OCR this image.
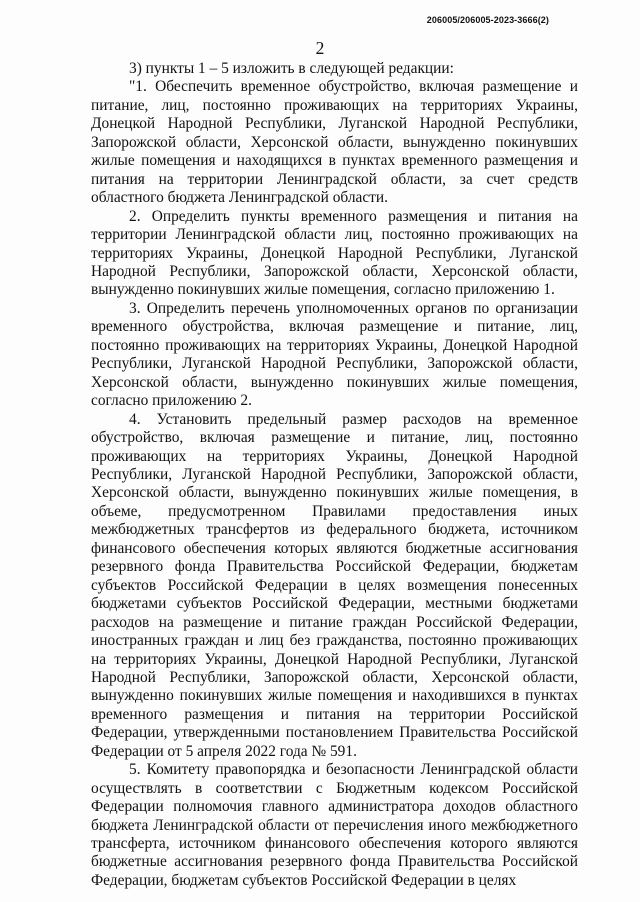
206005/206005-2023-3666(2)
2

3) пункты 1 – 5 изложить в следующей редакции:

"1. Обеспечить временное обустройство, включая размещение и питание, лиц, постоянно проживающих на территориях Украины, Донецкой Народной Республики, Луганской Народной Республики, Запорожской области, Херсонской области, вынужденно покинувших жилые помещения и находящихся в пунктах временного размещения и питания на территории Ленинградской области, за счет средств областного бюджета Ленинградской области.

2. Определить пункты временного размещения и питания на территории Ленинградской области лиц, постоянно проживающих на территориях Украины, Донецкой Народной Республики, Луганской Народной Республики, Запорожской области, Херсонской области, вынужденно покинувших жилые помещения, согласно приложению 1.

3. Определить перечень уполномоченных органов по организации временного обустройства, включая размещение и питание, лиц, постоянно проживающих на территориях Украины, Донецкой Народной Республики, Луганской Народной Республики, Запорожской области, Херсонской области, вынужденно покинувших жилые помещения, согласно приложению 2.

4. Установить предельный размер расходов на временное обустройство, включая размещение и питание, лиц, постоянно проживающих на территориях Украины, Донецкой Народной Республики, Луганской Народной Республики, Запорожской области, Херсонской области, вынужденно покинувших жилые помещения, в объеме, предусмотренном Правилами предоставления иных межбюджетных трансфертов из федерального бюджета, источником финансового обеспечения которых являются бюджетные ассигнования резервного фонда Правительства Российской Федерации, бюджетам субъектов Российской Федерации в целях возмещения понесенных бюджетами субъектов Российской Федерации, местными бюджетами расходов на размещение и питание граждан Российской Федерации, иностранных граждан и лиц без гражданства, постоянно проживающих на территориях Украины, Донецкой Народной Республики, Луганской Народной Республики, Запорожской области, Херсонской области, вынужденно покинувших жилые помещения и находившихся в пунктах временного размещения и питания на территории Российской Федерации, утвержденными постановлением Правительства Российской Федерации от 5 апреля 2022 года № 591.

5. Комитету правопорядка и безопасности Ленинградской области осуществлять в соответствии с Бюджетным кодексом Российской Федерации полномочия главного администратора доходов областного бюджета Ленинградской области от перечисления иного межбюджетного трансферта, источником финансового обеспечения которого являются бюджетные ассигнования резервного фонда Правительства Российской Федерации, бюджетам субъектов Российской Федерации в целях
